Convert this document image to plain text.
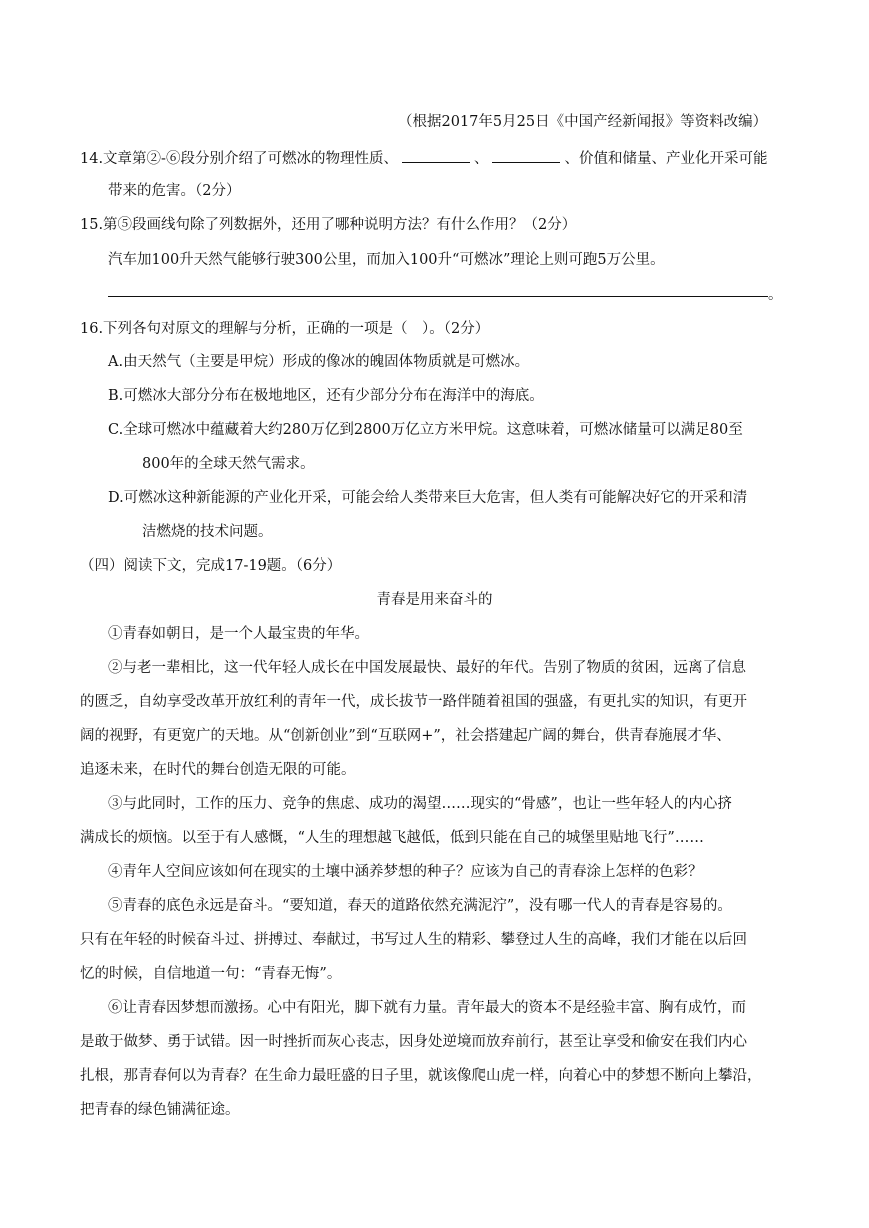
（根据2017年5月25日《中国产经新闻报》等资料改编）
14.文章第②-⑥段分别介绍了可燃冰的物理性质、	、	、价值和储量、产业化开采可能
带来的危害。（2分）
15.第⑤段画线句除了列数据外，还用了哪种说明方法？有什么作用？（2分）
汽车加100升天然气能够行驶300公里，而加入100升“可燃冰”理论上则可跑5万公里。
。
16.下列各句对原文的理解与分析，正确的一项是（　）。（2分）
A.由天然气（主要是甲烷）形成的像冰的魄固体物质就是可燃冰。
B.可燃冰大部分分布在极地地区，还有少部分分布在海洋中的海底。
C.全球可燃冰中蕴藏着大约280万亿到2800万亿立方米甲烷。这意味着，可燃冰储量可以满足80至
800年的全球天然气需求。
D.可燃冰这种新能源的产业化开采，可能会给人类带来巨大危害，但人类有可能解决好它的开采和清
洁燃烧的技术问题。
（四）阅读下文，完成17-19题。（6分）
青春是用来奋斗的
①青春如朝日，是一个人最宝贵的年华。
②与老一辈相比，这一代年轻人成长在中国发展最快、最好的年代。告别了物质的贫困，远离了信息
的匮乏，自幼享受改革开放红利的青年一代，成长拔节一路伴随着祖国的强盛，有更扎实的知识，有更开
阔的视野，有更宽广的天地。从“创新创业”到“互联网+”，社会搭建起广阔的舞台，供青春施展才华、
追逐未来，在时代的舞台创造无限的可能。
③与此同时，工作的压力、竞争的焦虑、成功的渴望……现实的“骨感”，也让一些年轻人的内心挤
满成长的烦恼。以至于有人感慨，“人生的理想越飞越低，低到只能在自己的城堡里贴地飞行”……
④青年人空间应该如何在现实的土壤中涵养梦想的种子？应该为自己的青春涂上怎样的色彩？
⑤青春的底色永远是奋斗。“要知道，春天的道路依然充满泥泞”，没有哪一代人的青春是容易的。
只有在年轻的时候奋斗过、拼搏过、奉献过，书写过人生的精彩、攀登过人生的高峰，我们才能在以后回
忆的时候，自信地道一句：“青春无悔”。
⑥让青春因梦想而激扬。心中有阳光，脚下就有力量。青年最大的资本不是经验丰富、胸有成竹，而
是敢于做梦、勇于试错。因一时挫折而灰心丧志，因身处逆境而放弃前行，甚至让享受和偷安在我们内心
扎根，那青春何以为青春？在生命力最旺盛的日子里，就该像爬山虎一样，向着心中的梦想不断向上攀沿，
把青春的绿色铺满征途。
